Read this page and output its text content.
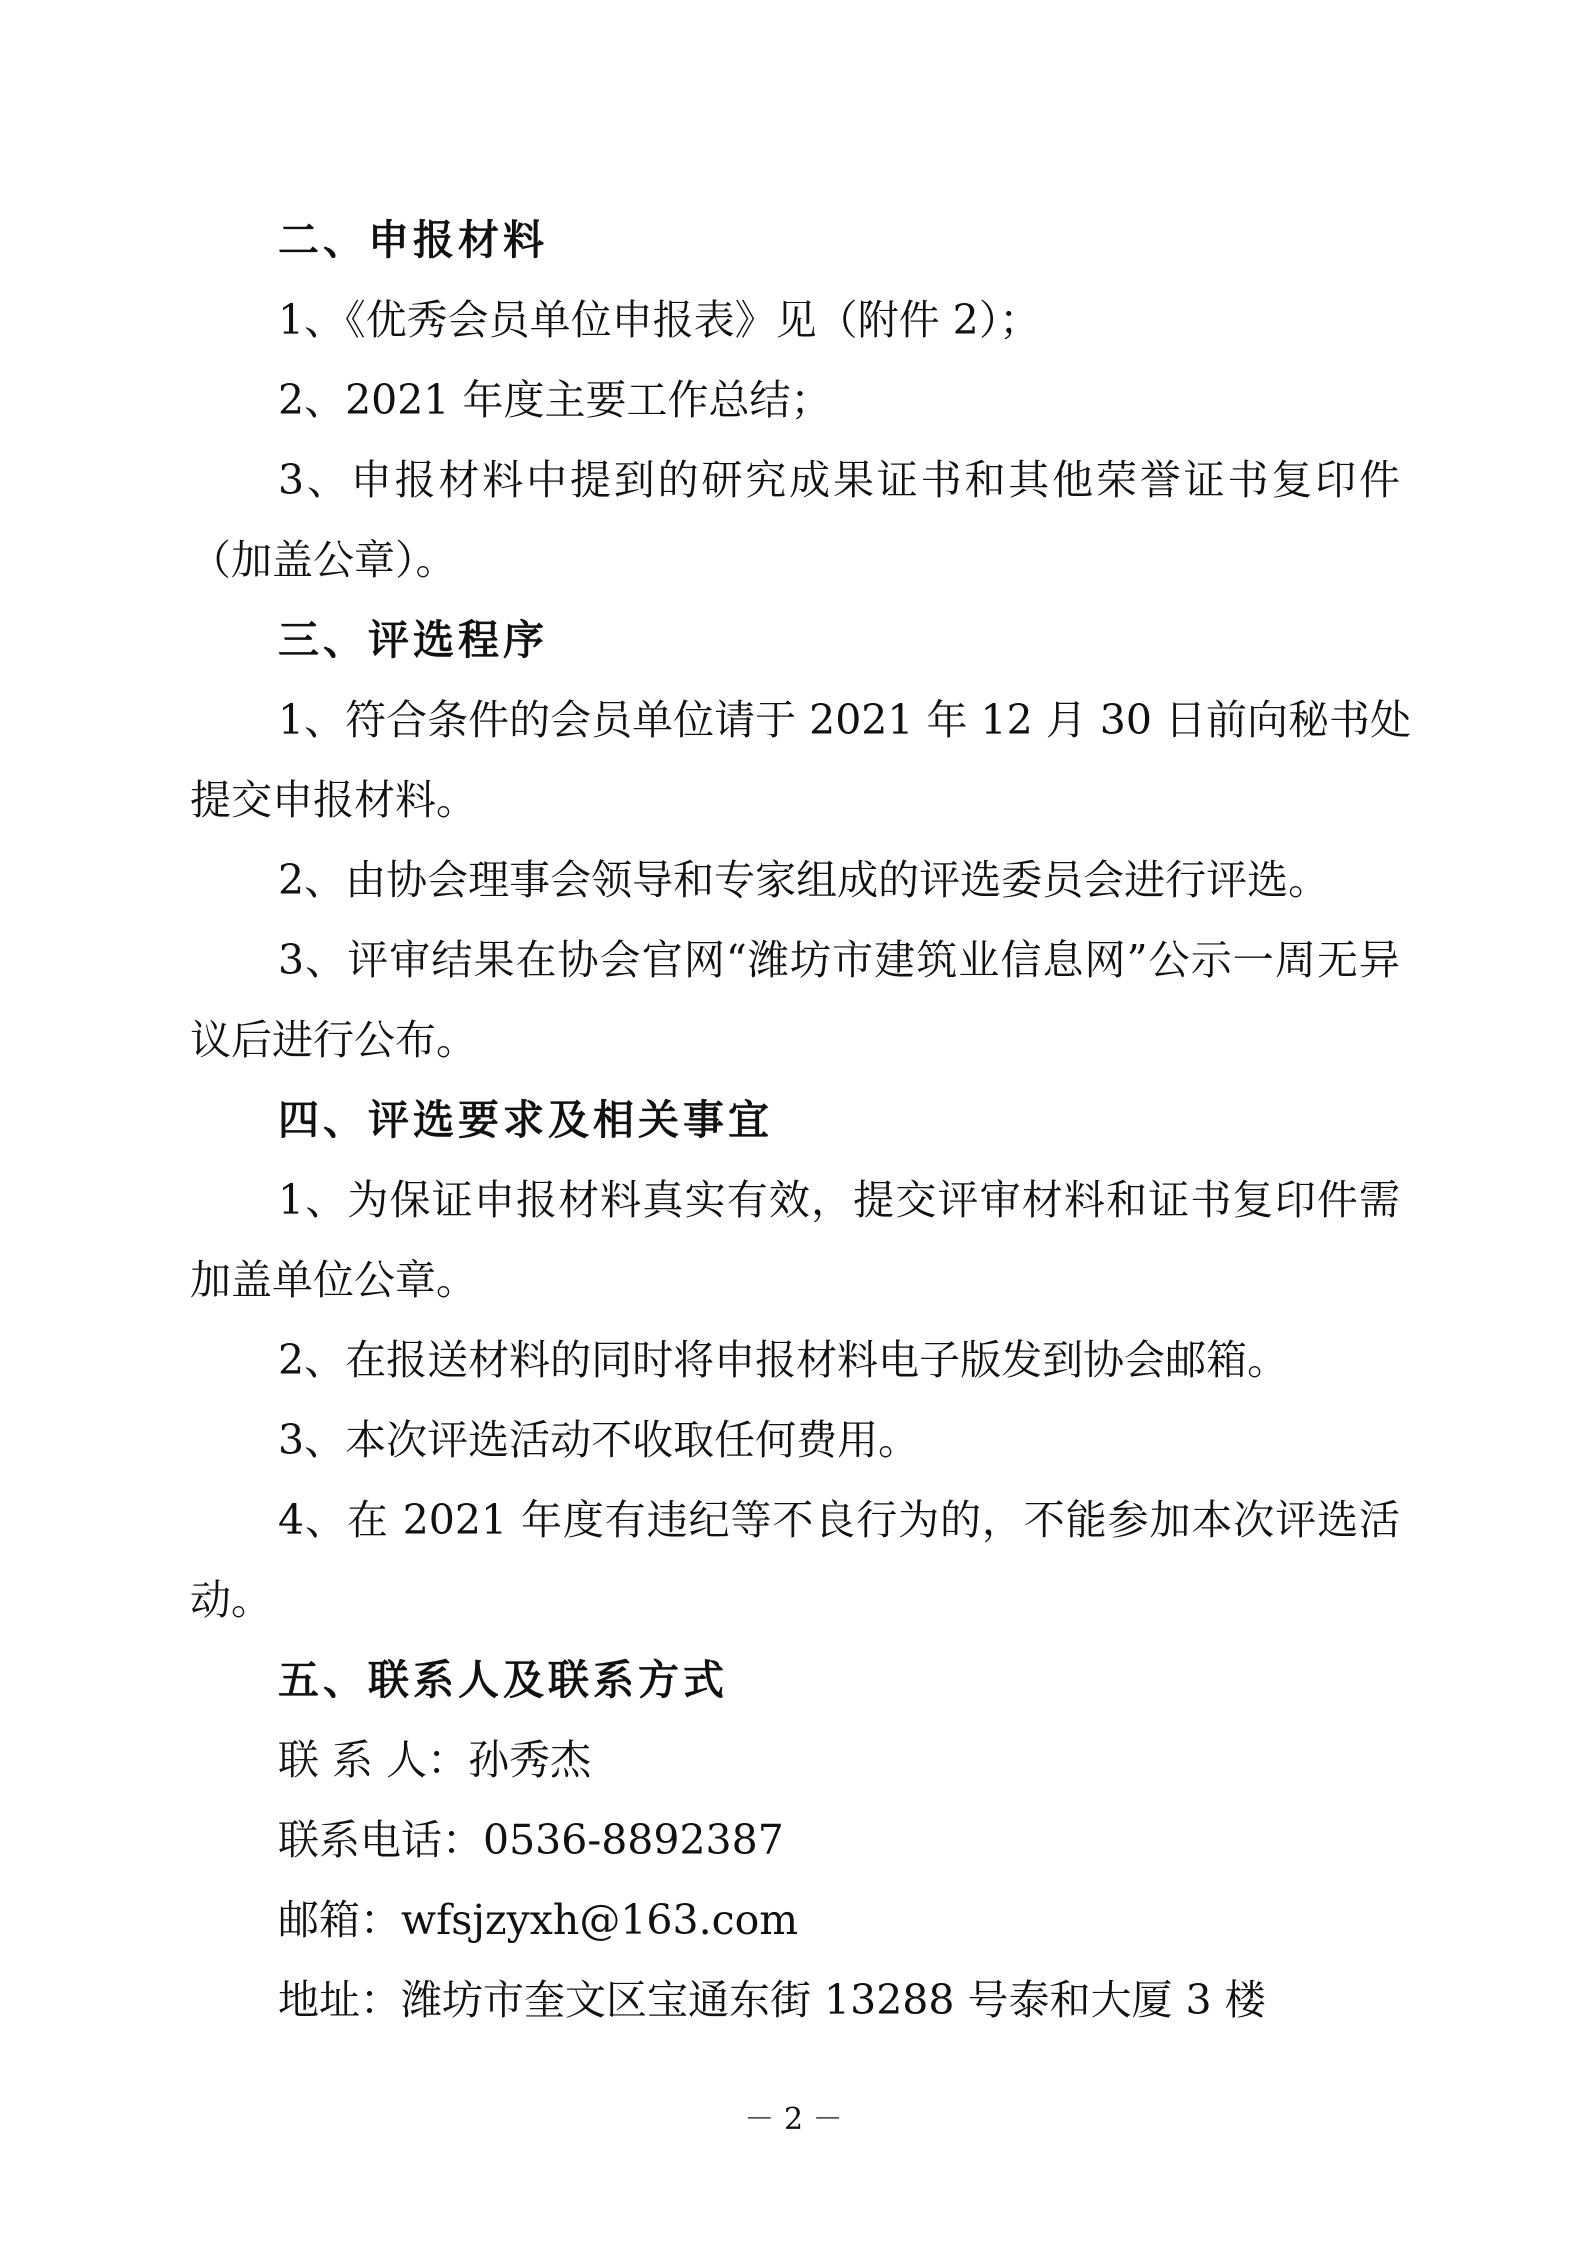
二、申报材料
1、《优秀会员单位申报表》见（附件 2）；
2、2021 年度主要工作总结；
3、申报材料中提到的研究成果证书和其他荣誉证书复印件
（加盖公章）。
三、评选程序
1、符合条件的会员单位请于 2021 年 12 月 30 日前向秘书处
提交申报材料。
2、由协会理事会领导和专家组成的评选委员会进行评选。
3、评审结果在协会官网“潍坊市建筑业信息网”公示一周无异
议后进行公布。
四、评选要求及相关事宜
1、为保证申报材料真实有效，提交评审材料和证书复印件需
加盖单位公章。
2、在报送材料的同时将申报材料电子版发到协会邮箱。
3、本次评选活动不收取任何费用。
4、在 2021 年度有违纪等不良行为的，不能参加本次评选活
动。
五、联系人及联系方式
联 系 人：孙秀杰
联系电话：0536-8892387
邮箱：wfsjzyxh@163.com
地址：潍坊市奎文区宝通东街 13288 号泰和大厦 3 楼
－ 2 －
